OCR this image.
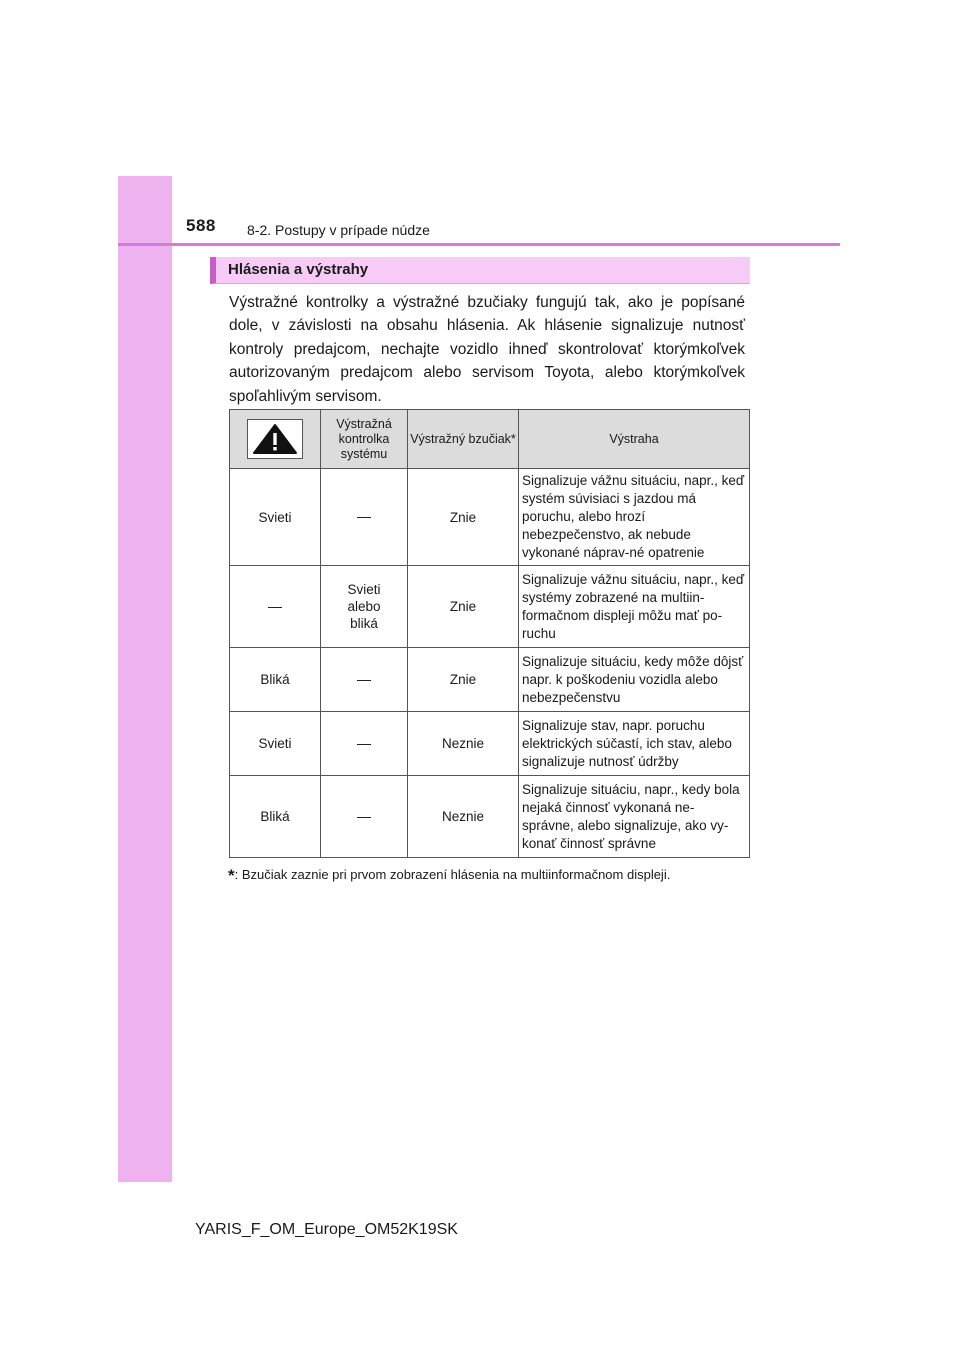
588 8-2. Postupy v prípade núdze
Hlásenia a výstrahy

Výstražné kontrolky a výstražné bzučiaky fungujú tak, ako je popísané dole, v závislosti na obsahu hlásenia. Ak hlásenie signalizuje nutnosť kontroly predajcom, nechajte vozidlo ihneď skontrolovať ktorýmkoľvek autorizovaným predajcom alebo servisom Toyota, alebo ktorýmkoľvek spoľahlivým servisom.

	Výstražná kontrolka systému	Výstražný bzučiak*	Výstraha
Svieti		Znie	Signalizuje vážnu situáciu, napr., keď systém súvisiaci s jazdou má poruchu, alebo hrozí nebezpečenstvo, ak nebude vykonané náprav-né opatrenie
	Svieti alebo bliká	Znie	Signalizuje vážnu situáciu, napr., keď systémy zobrazené na multiin-formačnom displeji môžu mať po-ruchu
Bliká		Znie	Signalizuje situáciu, kedy môže dôjsť napr. k poškodeniu vozidla alebo nebezpečenstvu
Svieti		Neznie	Signalizuje stav, napr. poruchu elektrických súčastí, ich stav, alebo signalizuje nutnosť údržby
Bliká		Neznie	Signalizuje situáciu, napr., kedy bola nejaká činnosť vykonaná ne-správne, alebo signalizuje, ako vy-konať činnosť správne
*: Bzučiak zaznie pri prvom zobrazení hlásenia na multiinformačnom displeji.
YARIS_F_OM_Europe_OM52K19SK
